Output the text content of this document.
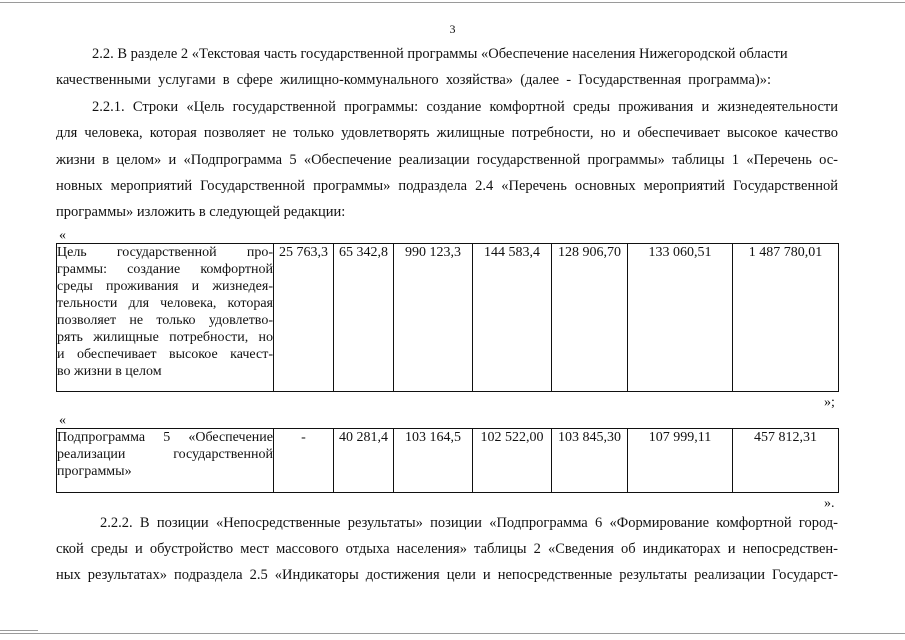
3
2.2. В разделе 2 «Текстовая часть государственной программы «Обеспечение населения Нижегородской области
качественными услугами в сфере жилищно-коммунального хозяйства» (далее - Государственная программа)»:
2.2.1. Строки «Цель государственной программы: создание комфортной среды проживания и жизнедеятельности
для человека, которая позволяет не только удовлетворять жилищные потребности, но и обеспечивает высокое качество
жизни в целом» и «Подпрограмма 5 «Обеспечение реализации государственной программы» таблицы 1 «Перечень ос-
новных мероприятий Государственной программы» подраздела 2.4 «Перечень основных мероприятий Государственной
программы» изложить в следующей редакции:
«
Цель государственной про-
граммы: создание комфортной
среды проживания и жизнедея-
тельности для человека, которая
позволяет не только удовлетво-
рять жилищные потребности, но
и обеспечивает высокое качест-
во жизни в целом
	25 763,3	65 342,8	990 123,3	144 583,4	128 906,70	133 060,51	1 487 780,01
»;
«
Подпрограмма 5 «Обеспечение
реализации государственной
программы»
	-	40 281,4	103 164,5	102 522,00	103 845,30	107 999,11	457 812,31
».
2.2.2. В позиции «Непосредственные результаты» позиции «Подпрограмма 6 «Формирование комфортной город-
ской среды и обустройство мест массового отдыха населения» таблицы 2 «Сведения об индикаторах и непосредствен-
ных результатах» подраздела 2.5 «Индикаторы достижения цели и непосредственные результаты реализации Государст-
